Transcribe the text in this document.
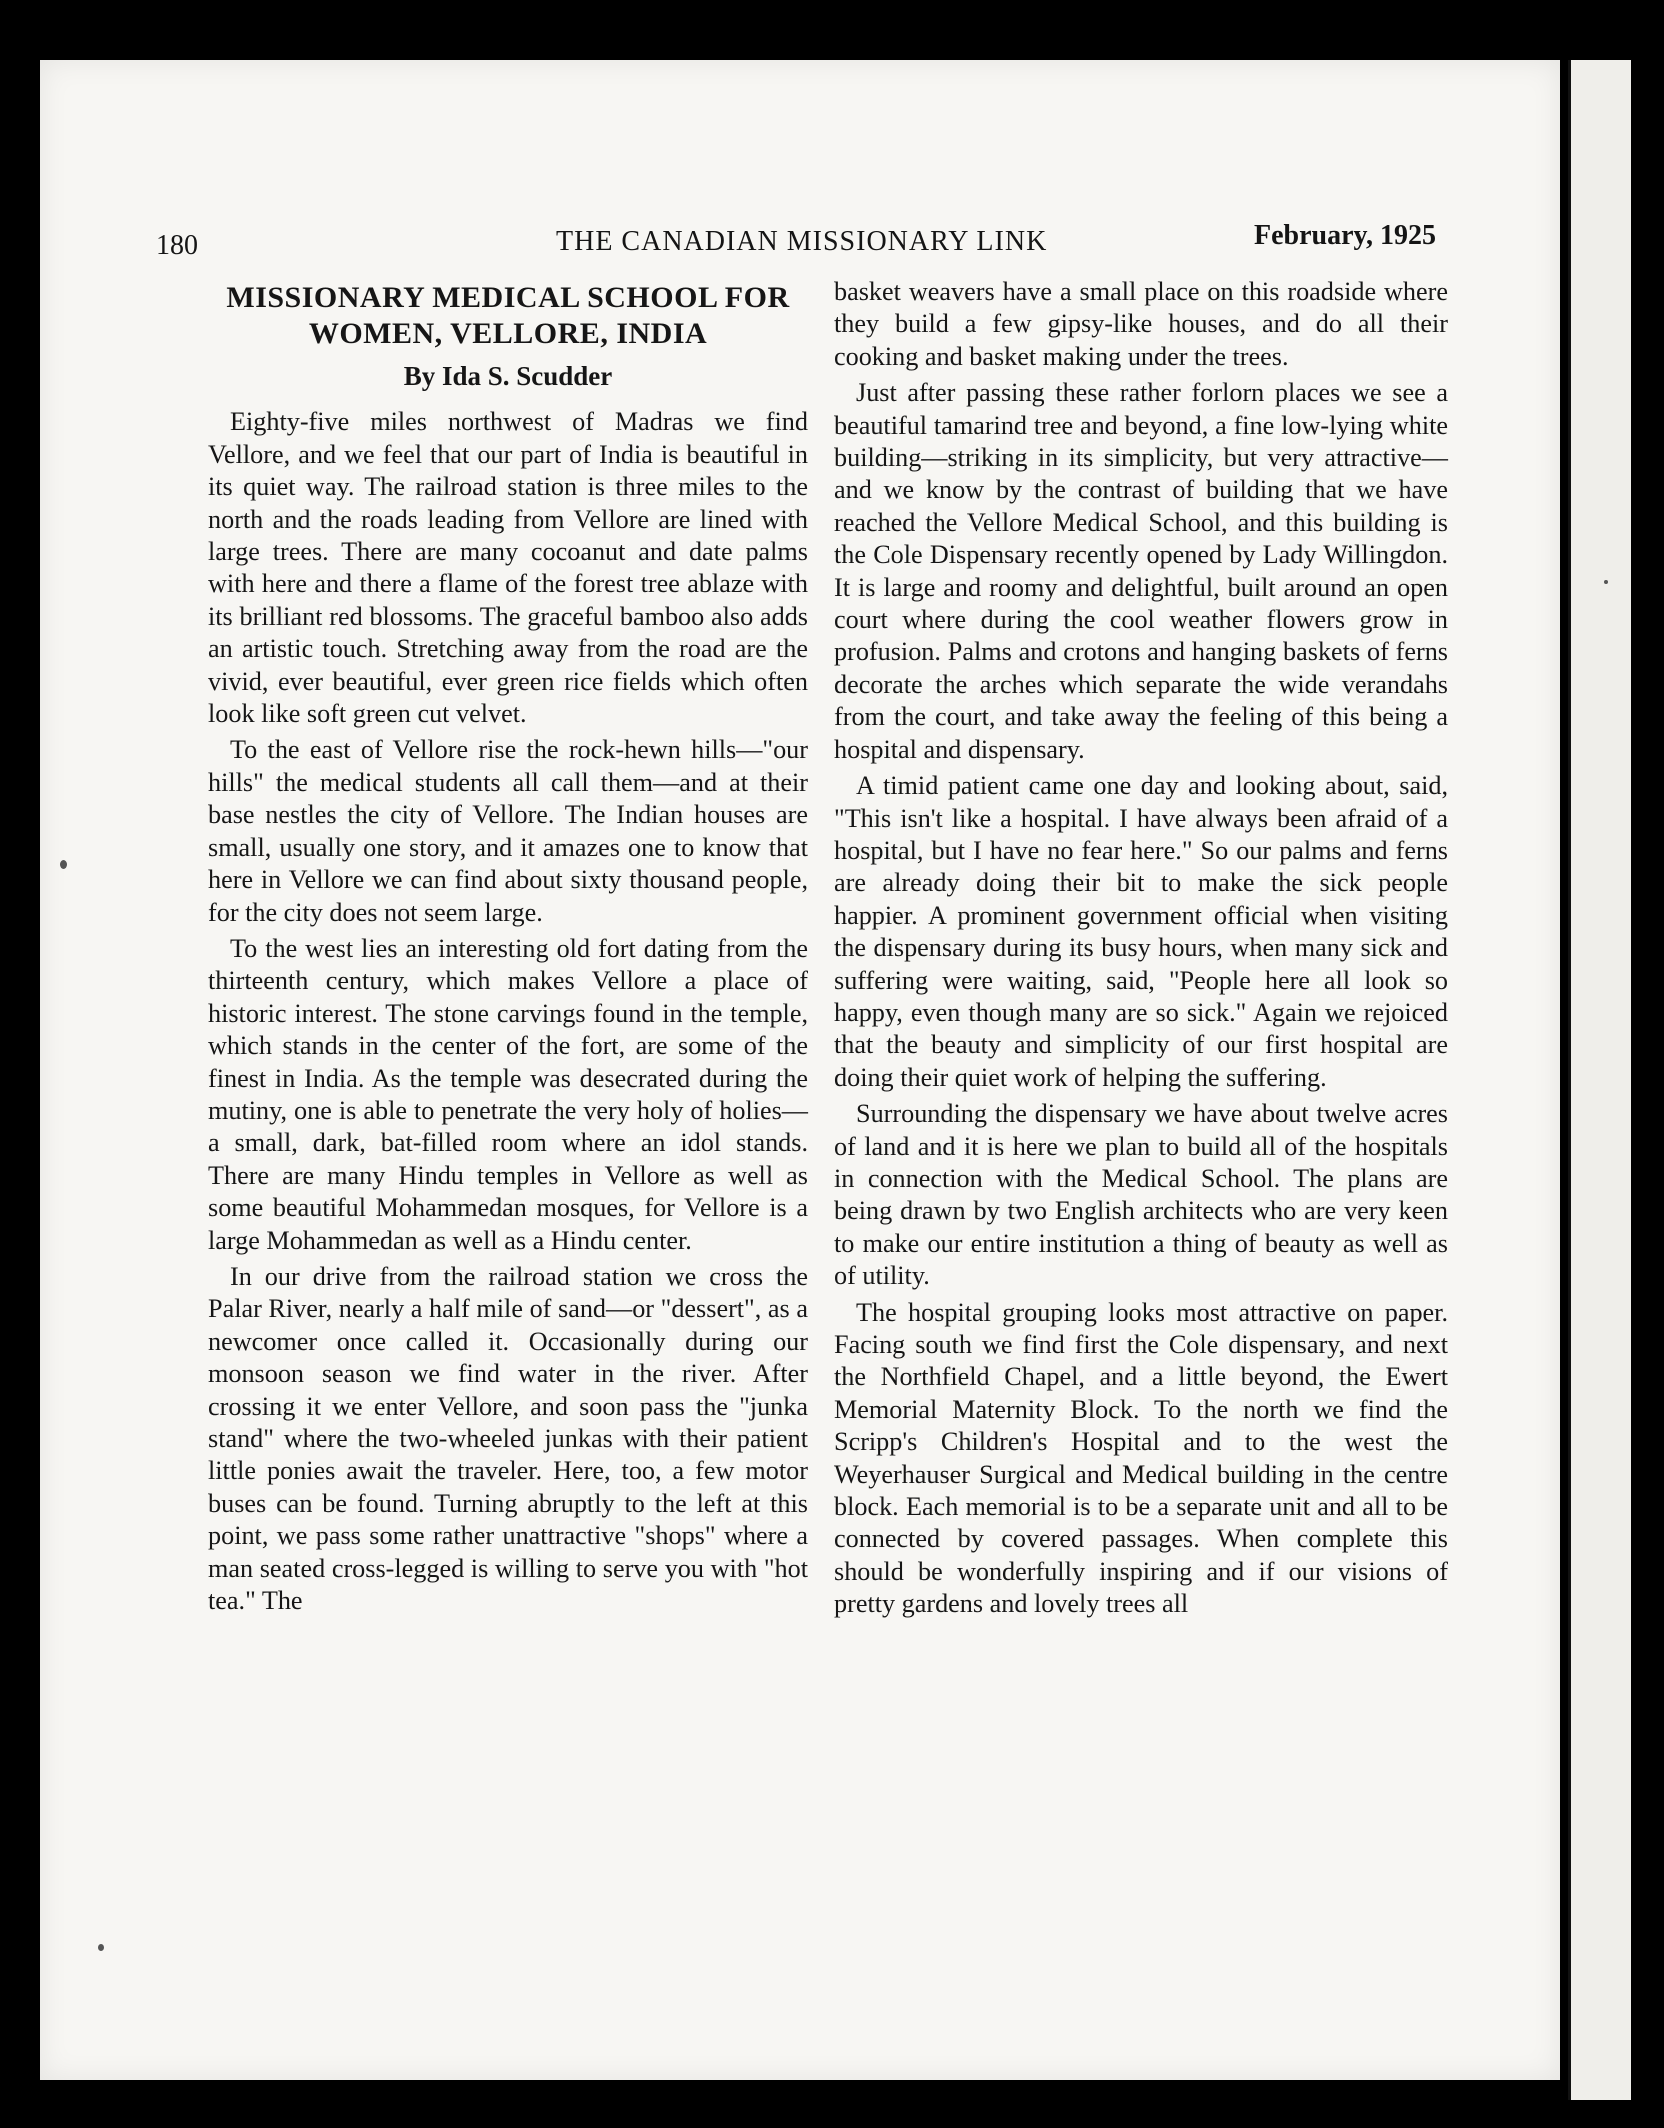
180	THE CANADIAN MISSIONARY LINK	February, 1925
MISSIONARY MEDICAL SCHOOL FOR WOMEN, VELLORE, INDIA
By Ida S. Scudder

Eighty-five miles northwest of Madras we find Vellore, and we feel that our part of India is beautiful in its quiet way. The railroad station is three miles to the north and the roads leading from Vellore are lined with large trees. There are many cocoanut and date palms with here and there a flame of the forest tree ablaze with its brilliant red blossoms. The graceful bamboo also adds an artistic touch. Stretching away from the road are the vivid, ever beautiful, ever green rice fields which often look like soft green cut velvet.

To the east of Vellore rise the rock-hewn hills—"our hills" the medical students all call them—and at their base nestles the city of Vellore. The Indian houses are small, usually one story, and it amazes one to know that here in Vellore we can find about sixty thousand people, for the city does not seem large.

To the west lies an interesting old fort dating from the thirteenth century, which makes Vellore a place of historic interest. The stone carvings found in the temple, which stands in the center of the fort, are some of the finest in India. As the temple was desecrated during the mutiny, one is able to penetrate the very holy of holies—a small, dark, bat-filled room where an idol stands. There are many Hindu temples in Vellore as well as some beautiful Mohammedan mosques, for Vellore is a large Mohammedan as well as a Hindu center.

In our drive from the railroad station we cross the Palar River, nearly a half mile of sand—or "dessert", as a newcomer once called it. Occasionally during our monsoon season we find water in the river. After crossing it we enter Vellore, and soon pass the "junka stand" where the two-wheeled junkas with their patient little ponies await the traveler. Here, too, a few motor buses can be found. Turning abruptly to the left at this point, we pass some rather unattractive "shops" where a man seated cross-legged is willing to serve you with "hot tea." The

basket weavers have a small place on this roadside where they build a few gipsy-like houses, and do all their cooking and basket making under the trees.

Just after passing these rather forlorn places we see a beautiful tamarind tree and beyond, a fine low-lying white building—striking in its simplicity, but very attractive—and we know by the contrast of building that we have reached the Vellore Medical School, and this building is the Cole Dispensary recently opened by Lady Willingdon. It is large and roomy and delightful, built around an open court where during the cool weather flowers grow in profusion. Palms and crotons and hanging baskets of ferns decorate the arches which separate the wide verandahs from the court, and take away the feeling of this being a hospital and dispensary.

A timid patient came one day and looking about, said, "This isn't like a hospital. I have always been afraid of a hospital, but I have no fear here." So our palms and ferns are already doing their bit to make the sick people happier. A prominent government official when visiting the dispensary during its busy hours, when many sick and suffering were waiting, said, "People here all look so happy, even though many are so sick." Again we rejoiced that the beauty and simplicity of our first hospital are doing their quiet work of helping the suffering.

Surrounding the dispensary we have about twelve acres of land and it is here we plan to build all of the hospitals in connection with the Medical School. The plans are being drawn by two English architects who are very keen to make our entire institution a thing of beauty as well as of utility.

The hospital grouping looks most attractive on paper. Facing south we find first the Cole dispensary, and next the Northfield Chapel, and a little beyond, the Ewert Memorial Maternity Block. To the north we find the Scripp's Children's Hospital and to the west the Weyerhauser Surgical and Medical building in the centre block. Each memorial is to be a separate unit and all to be connected by covered passages. When complete this should be wonderfully inspiring and if our visions of pretty gardens and lovely trees all
